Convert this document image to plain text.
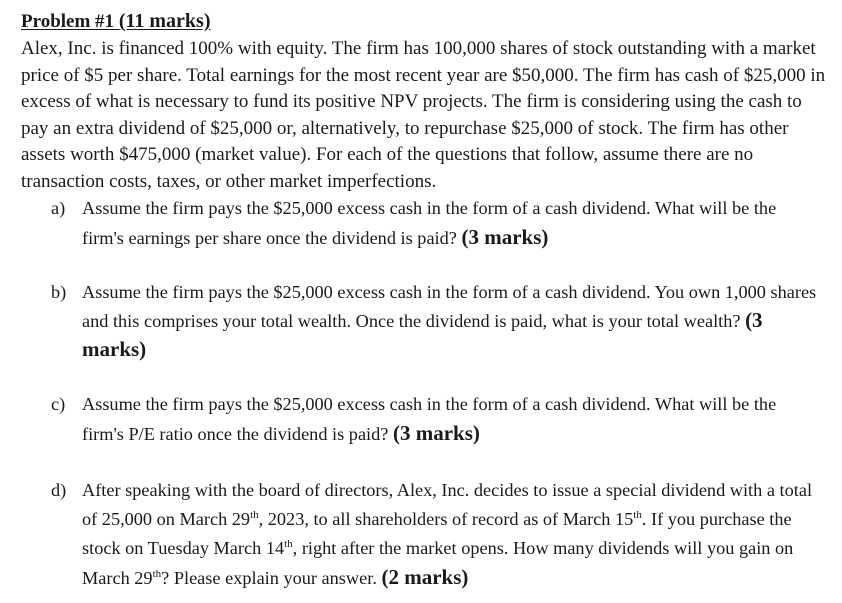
Problem #1 (11 marks)

Alex, Inc. is financed 100% with equity. The firm has 100,000 shares of stock outstanding with a market price of $5 per share. Total earnings for the most recent year are $50,000. The firm has cash of $25,000 in excess of what is necessary to fund its positive NPV projects. The firm is considering using the cash to pay an extra dividend of $25,000 or, alternatively, to repurchase $25,000 of stock. The firm has other assets worth $475,000 (market value). For each of the questions that follow, assume there are no transaction costs, taxes, or other market imperfections.

a) Assume the firm pays the $25,000 excess cash in the form of a cash dividend. What will be the firm's earnings per share once the dividend is paid? (3 marks)
b) Assume the firm pays the $25,000 excess cash in the form of a cash dividend. You own 1,000 shares and this comprises your total wealth. Once the dividend is paid, what is your total wealth? (3 marks)
c) Assume the firm pays the $25,000 excess cash in the form of a cash dividend. What will be the firm's P/E ratio once the dividend is paid? (3 marks)
d) After speaking with the board of directors, Alex, Inc. decides to issue a special dividend with a total of 25,000 on March 29th, 2023, to all shareholders of record as of March 15th. If you purchase the stock on Tuesday March 14th, right after the market opens. How many dividends will you gain on March 29th? Please explain your answer. (2 marks)
